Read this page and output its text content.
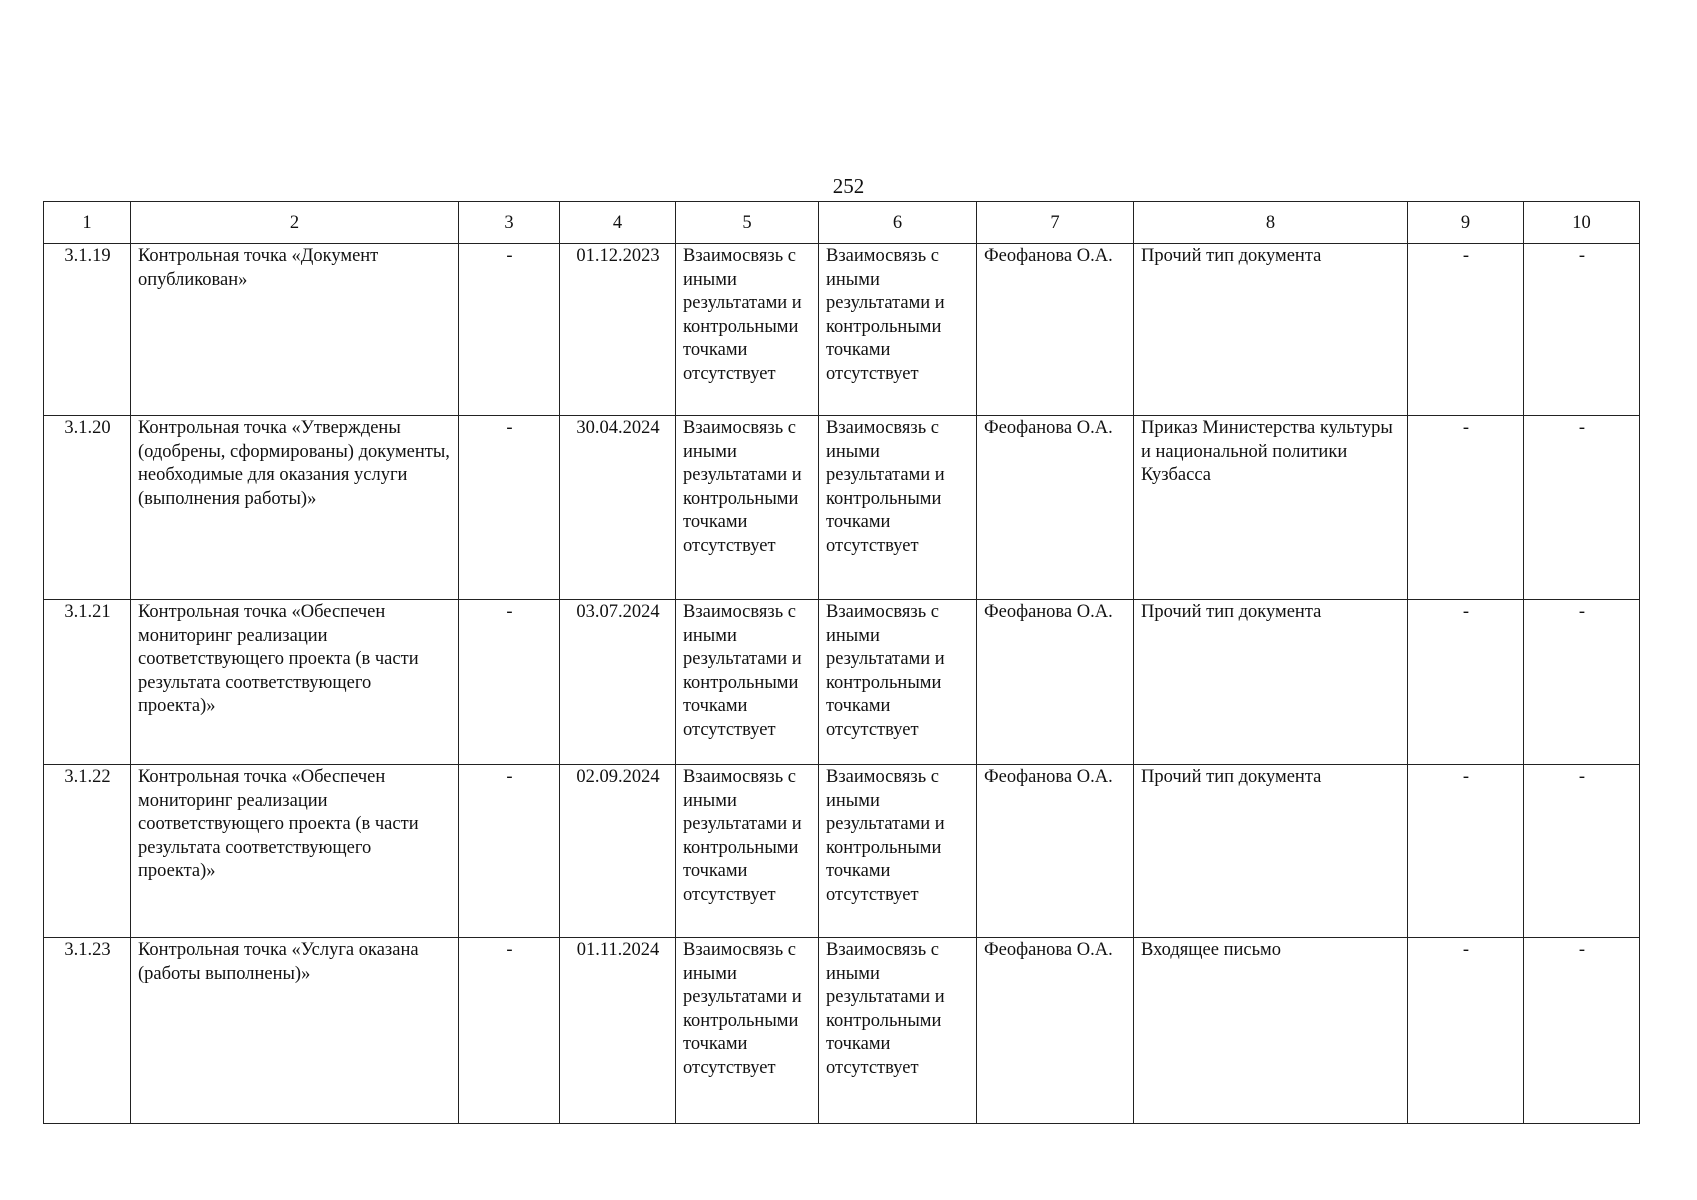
252
1	2	3	4	5	6	7	8	9	10
3.1.19	Контрольная точка «Документ опубликован»	-	01.12.2023	Взаимосвязь с иными результатами и контрольными точками отсутствует	Взаимосвязь с иными результатами и контрольными точками отсутствует	Феофанова О.А.	Прочий тип документа	-	-
3.1.20	Контрольная точка «Утверждены (одобрены, сформированы) документы, необходимые для оказания услуги (выполнения работы)»	-	30.04.2024	Взаимосвязь с иными результатами и контрольными точками отсутствует	Взаимосвязь с иными результатами и контрольными точками отсутствует	Феофанова О.А.	Приказ Министерства культуры и национальной политики Кузбасса	-	-
3.1.21	Контрольная точка «Обеспечен мониторинг реализации соответствующего проекта (в части результата соответствующего проекта)»	-	03.07.2024	Взаимосвязь с иными результатами и контрольными точками отсутствует	Взаимосвязь с иными результатами и контрольными точками отсутствует	Феофанова О.А.	Прочий тип документа	-	-
3.1.22	Контрольная точка «Обеспечен мониторинг реализации соответствующего проекта (в части результата соответствующего проекта)»	-	02.09.2024	Взаимосвязь с иными результатами и контрольными точками отсутствует	Взаимосвязь с иными результатами и контрольными точками отсутствует	Феофанова О.А.	Прочий тип документа	-	-
3.1.23	Контрольная точка «Услуга оказана (работы выполнены)»	-	01.11.2024	Взаимосвязь с иными результатами и контрольными точками отсутствует	Взаимосвязь с иными результатами и контрольными точками отсутствует	Феофанова О.А.	Входящее письмо	-	-
